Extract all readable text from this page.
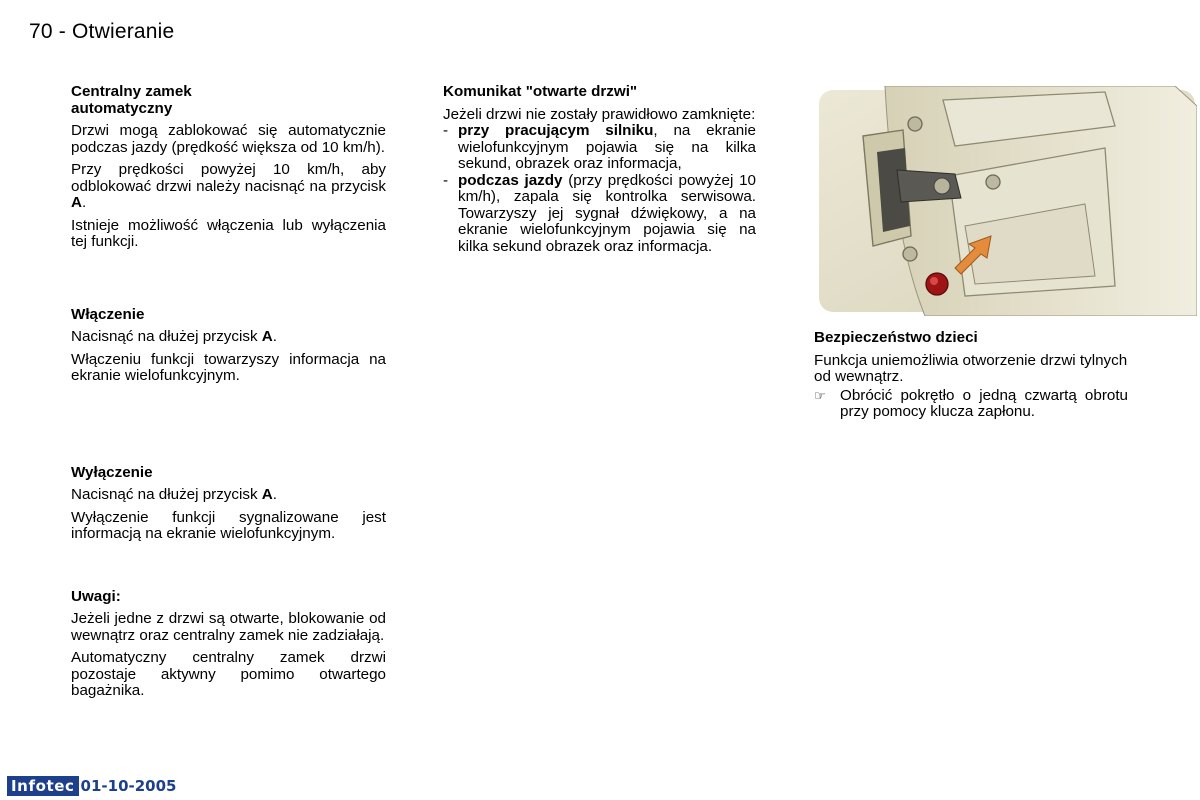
70 - Otwieranie

Centralny zamek automatyczny

Drzwi mogą zablokować się automatycznie podczas jazdy (prędkość większa od 10 km/h).

Przy prędkości powyżej 10 km/h, aby odblokować drzwi należy nacisnąć na przycisk A.

Istnieje możliwość włączenia lub wyłączenia tej funkcji.

Włączenie

Nacisnąć na dłużej przycisk A.

Włączeniu funkcji towarzyszy informacja na ekranie wielofunkcyjnym.

Wyłączenie

Nacisnąć na dłużej przycisk A.

Wyłączenie funkcji sygnalizowane jest informacją na ekranie wielofunkcyjnym.

Uwagi:

Jeżeli jedne z drzwi są otwarte, blokowanie od wewnątrz oraz centralny zamek nie zadziałają.

Automatyczny centralny zamek drzwi pozostaje aktywny pomimo otwartego bagażnika.

Komunikat "otwarte drzwi"

Jeżeli drzwi nie zostały prawidłowo zamknięte:

- przy pracującym silniku, na ekranie wielofunkcyjnym pojawia się na kilka sekund, obrazek oraz informacja,
- podczas jazdy (przy prędkości powyżej 10 km/h), zapala się kontrolka serwisowa. Towarzyszy jej sygnał dźwiękowy, a na ekranie wielofunkcyjnym pojawia się na kilka sekund obrazek oraz informacja.

Bezpieczeństwo dzieci

Funkcja uniemożliwia otworzenie drzwi tylnych od wewnątrz.

☞ Obrócić pokrętło o jedną czwartą obrotu przy pomocy klucza zapłonu.
Infotec 01-10-2005
